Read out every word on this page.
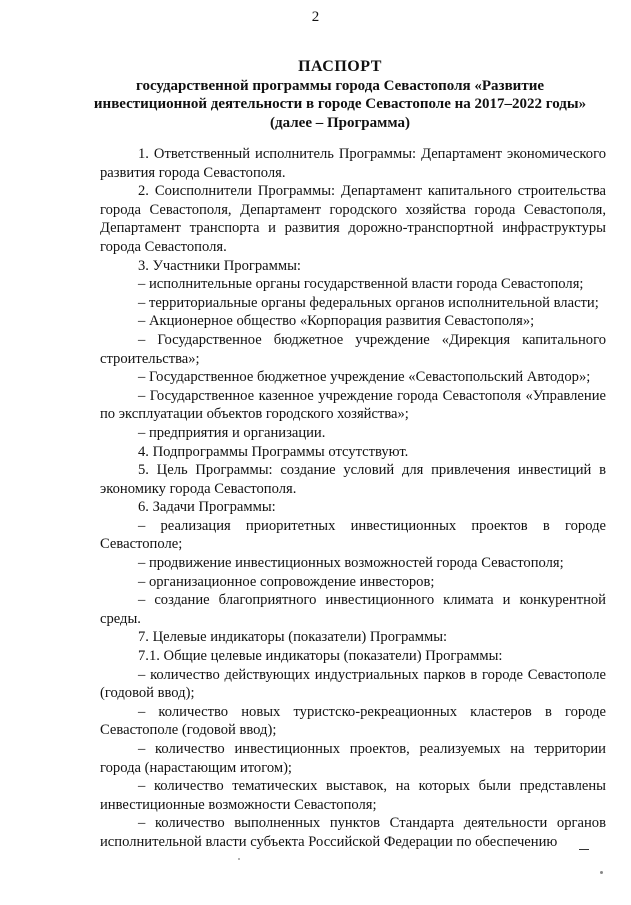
2
ПАСПОРТ
государственной программы города Севастополя «Развитие
инвестиционной деятельности в городе Севастополе на 2017–2022 годы»
(далее – Программа)

1. Ответственный исполнитель Программы: Департамент экономического развития города Севастополя.

2. Соисполнители Программы: Департамент капитального строительства города Севастополя, Департамент городского хозяйства города Севастополя, Департамент транспорта и развития дорожно-транспортной инфраструктуры города Севастополя.

3. Участники Программы:

– исполнительные органы государственной власти города Севастополя;

– территориальные органы федеральных органов исполнительной власти;

– Акционерное общество «Корпорация развития Севастополя»;

– Государственное бюджетное учреждение «Дирекция капитального строительства»;

– Государственное бюджетное учреждение «Севастопольский Автодор»;

– Государственное казенное учреждение города Севастополя «Управление по эксплуатации объектов городского хозяйства»;

– предприятия и организации.

4. Подпрограммы Программы отсутствуют.

5. Цель Программы: создание условий для привлечения инвестиций в экономику города Севастополя.

6. Задачи Программы:

– реализация приоритетных инвестиционных проектов в городе Севастополе;

– продвижение инвестиционных возможностей города Севастополя;

– организационное сопровождение инвесторов;

– создание благоприятного инвестиционного климата и конкурентной среды.

7. Целевые индикаторы (показатели) Программы:

7.1. Общие целевые индикаторы (показатели) Программы:

– количество действующих индустриальных парков в городе Севастополе (годовой ввод);

– количество новых туристско-рекреационных кластеров в городе Севастополе (годовой ввод);

– количество инвестиционных проектов, реализуемых на территории города (нарастающим итогом);

– количество тематических выставок, на которых были представлены инвестиционные возможности Севастополя;

– количество выполненных пунктов Стандарта деятельности органов исполнительной власти субъекта Российской Федерации по обеспечению
